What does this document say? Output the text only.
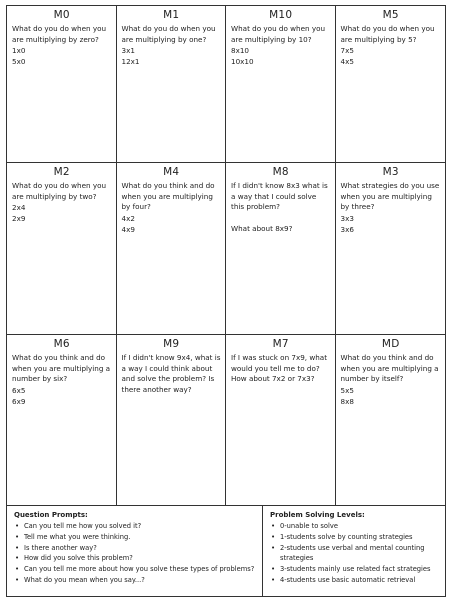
M0
What do you do when you are multiplying by zero?
1x0
5x0
M1
What do you do when you are multiplying by one?
3x1
12x1
M10
What do you do when you are multiplying by 10?
8x10
10x10
M5
What do you do when you are multiplying by 5?
7x5
4x5
M2
What do you do when you are multiplying by two?
2x4
2x9
M4
What do you think and do when you are multiplying by four?
4x2
4x9
M8
If I didn't know 8x3 what is a way that I could solve this problem?
What about 8x9?
M3
What strategies do you use when you are multiplying by three?
3x3
3x6
M6
What do you think and do when you are multiplying a number by six?
6x5
6x9
M9
If I didn't know 9x4, what is a way I could think about and solve the problem? Is there another way?
M7
If I was stuck on 7x9, what would you tell me to do? How about 7x2 or 7x3?
MD
What do you think and do when you are multiplying a number by itself?
5x5
8x8
Question Prompts:
• Can you tell me how you solved it?
• Tell me what you were thinking.
• Is there another way?
• How did you solve this problem?
• Can you tell me more about how you solve these types of problems?
• What do you mean when you say...?
Problem Solving Levels:
• 0-unable to solve
• 1-students solve by counting strategies
• 2-students use verbal and mental counting strategies
• 3-students mainly use related fact strategies
• 4-students use basic automatic retrieval
